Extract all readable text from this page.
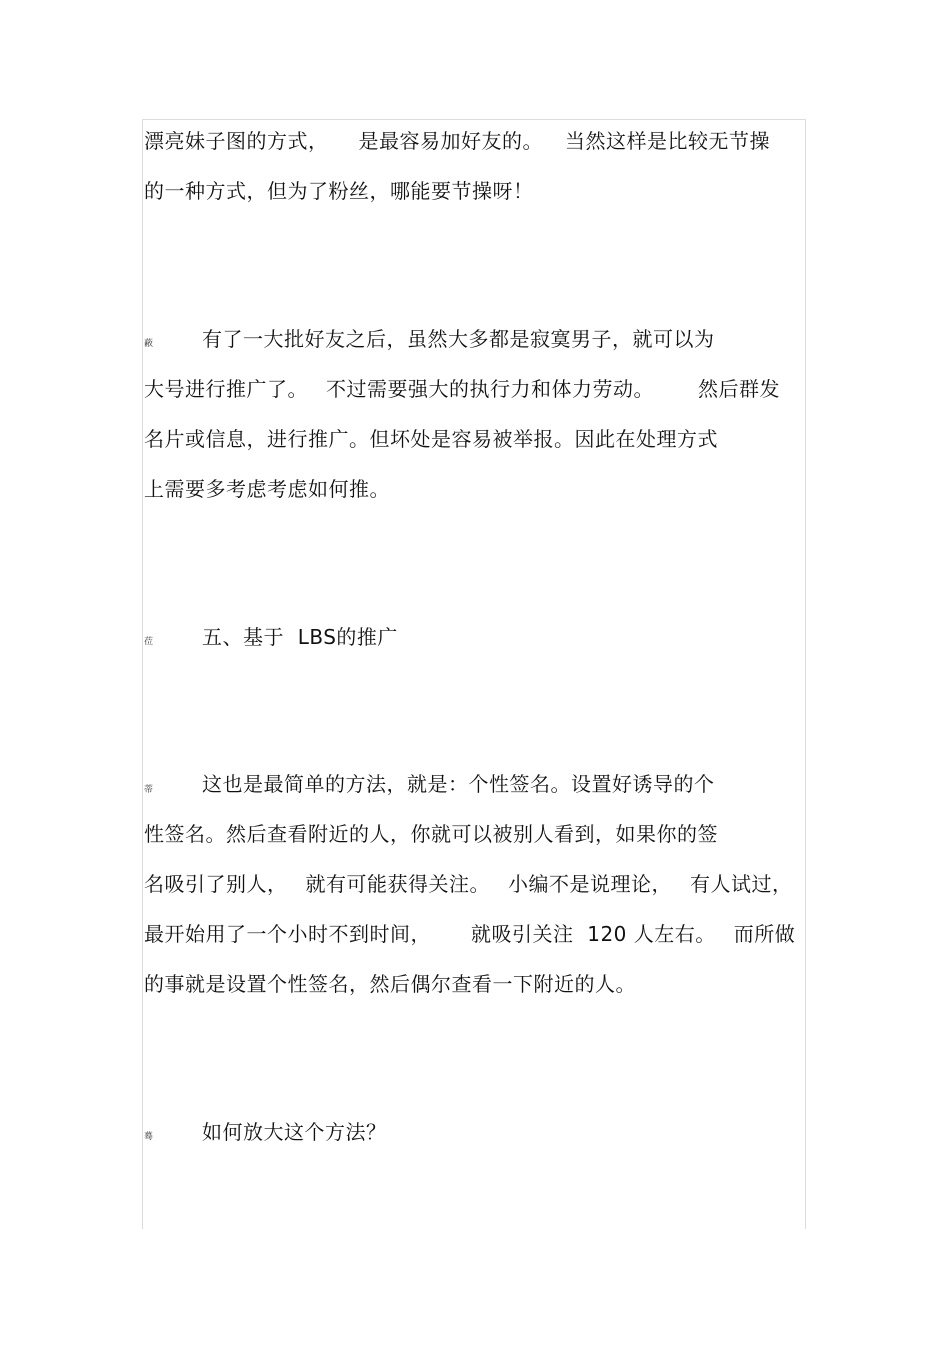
漂亮妹子图的方式， 是最容易加好友的。 当然这样是比较无节操
的一种方式，但为了粉丝，哪能要节操呀！
蔽 有了一大批好友之后，虽然大多都是寂寞男子，就可以为
大号进行推广了。 不过需要强大的执行力和体力劳动。 然后群发
名片或信息，进行推广。但坏处是容易被举报。因此在处理方式
上需要多考虑考虑如何推。
莅 五、基于  LBS的推广
蒂 这也是最简单的方法，就是：个性签名。设置好诱导的个
性签名。然后查看附近的人，你就可以被别人看到，如果你的签
名吸引了别人， 就有可能获得关注。 小编不是说理论， 有人试过，
最开始用了一个小时不到时间， 就吸引关注  120 人左右。 而所做
的事就是设置个性签名，然后偶尔查看一下附近的人。
蓦 如何放大这个方法？
